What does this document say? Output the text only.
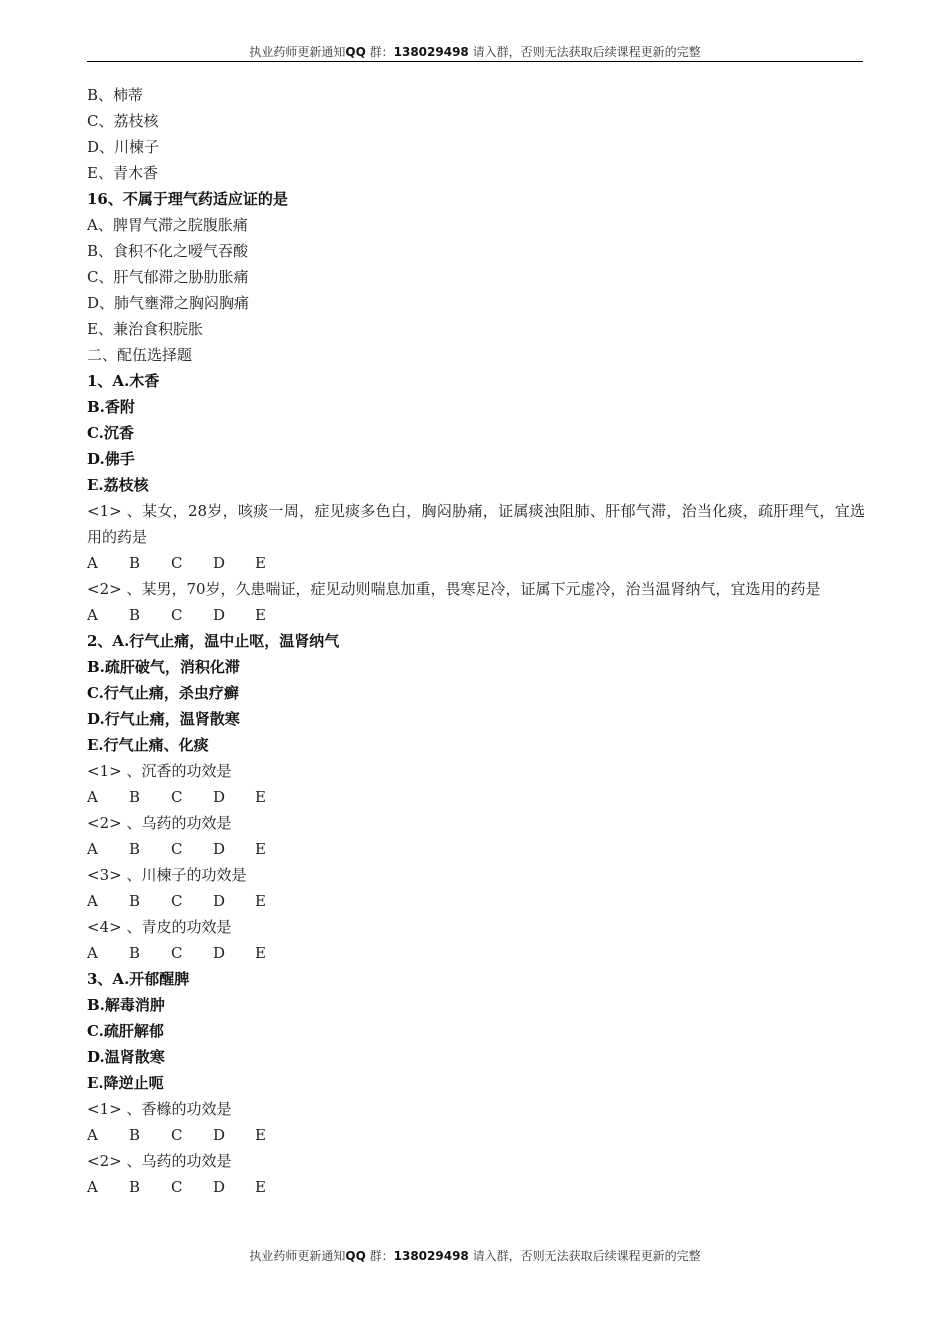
执业药师更新通知QQ 群：138029498 请入群，否则无法获取后续课程更新的完整
B、柿蒂
C、荔枝核
D、川楝子
E、青木香
16、不属于理气药适应证的是
A、脾胃气滞之脘腹胀痛
B、食积不化之嗳气吞酸
C、肝气郁滞之胁肋胀痛
D、肺气壅滞之胸闷胸痛
E、兼治食积脘胀
二、配伍选择题
1、A.木香
B.香附
C.沉香
D.佛手
E.荔枝核
<1> 、某女，28岁，咳痰一周，症见痰多色白，胸闷胁痛，证属痰浊阻肺、肝郁气滞，治当化痰，疏肝理气，宜选用的药是
A B C D E
<2> 、某男，70岁，久患喘证，症见动则喘息加重，畏寒足冷，证属下元虚冷，治当温肾纳气，宜选用的药是
A B C D E
2、A.行气止痛，温中止呕，温肾纳气
B.疏肝破气，消积化滞
C.行气止痛，杀虫疗癣
D.行气止痛，温肾散寒
E.行气止痛、化痰
<1> 、沉香的功效是
A B C D E
<2> 、乌药的功效是
A B C D E
<3> 、川楝子的功效是
A B C D E
<4> 、青皮的功效是
A B C D E
3、A.开郁醒脾
B.解毒消肿
C.疏肝解郁
D.温肾散寒
E.降逆止呃
<1> 、香橼的功效是
A B C D E
<2> 、乌药的功效是
A B C D E
执业药师更新通知QQ 群：138029498 请入群，否则无法获取后续课程更新的完整
